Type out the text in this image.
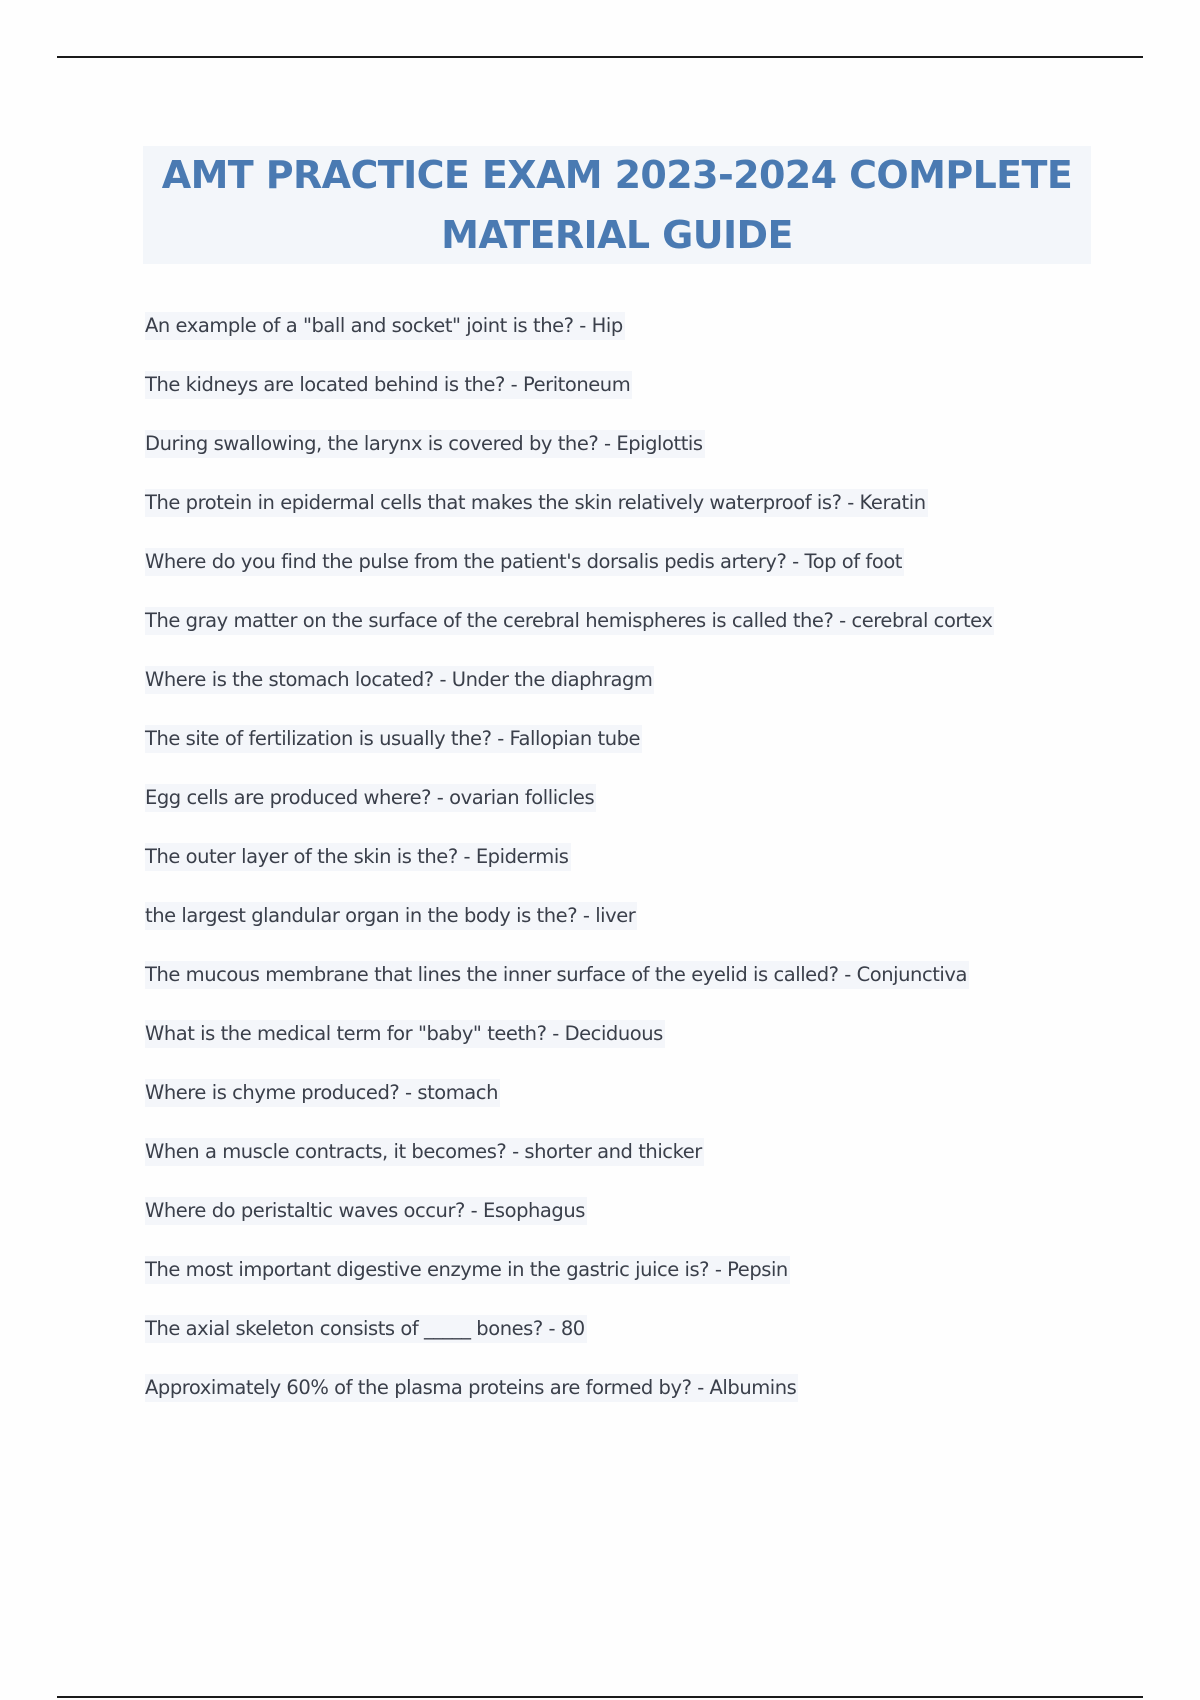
AMT PRACTICE EXAM 2023-2024 COMPLETE
MATERIAL GUIDE
An example of a "ball and socket" joint is the? - Hip
The kidneys are located behind is the? - Peritoneum
During swallowing, the larynx is covered by the? - Epiglottis
The protein in epidermal cells that makes the skin relatively waterproof is? - Keratin
Where do you find the pulse from the patient's dorsalis pedis artery? - Top of foot
The gray matter on the surface of the cerebral hemispheres is called the? - cerebral cortex
Where is the stomach located? - Under the diaphragm
The site of fertilization is usually the? - Fallopian tube
Egg cells are produced where? - ovarian follicles
The outer layer of the skin is the? - Epidermis
the largest glandular organ in the body is the? - liver
The mucous membrane that lines the inner surface of the eyelid is called? - Conjunctiva
What is the medical term for "baby" teeth? - Deciduous
Where is chyme produced? - stomach
When a muscle contracts, it becomes? - shorter and thicker
Where do peristaltic waves occur? - Esophagus
The most important digestive enzyme in the gastric juice is? - Pepsin
The axial skeleton consists of _____ bones? - 80
Approximately 60% of the plasma proteins are formed by? - Albumins
